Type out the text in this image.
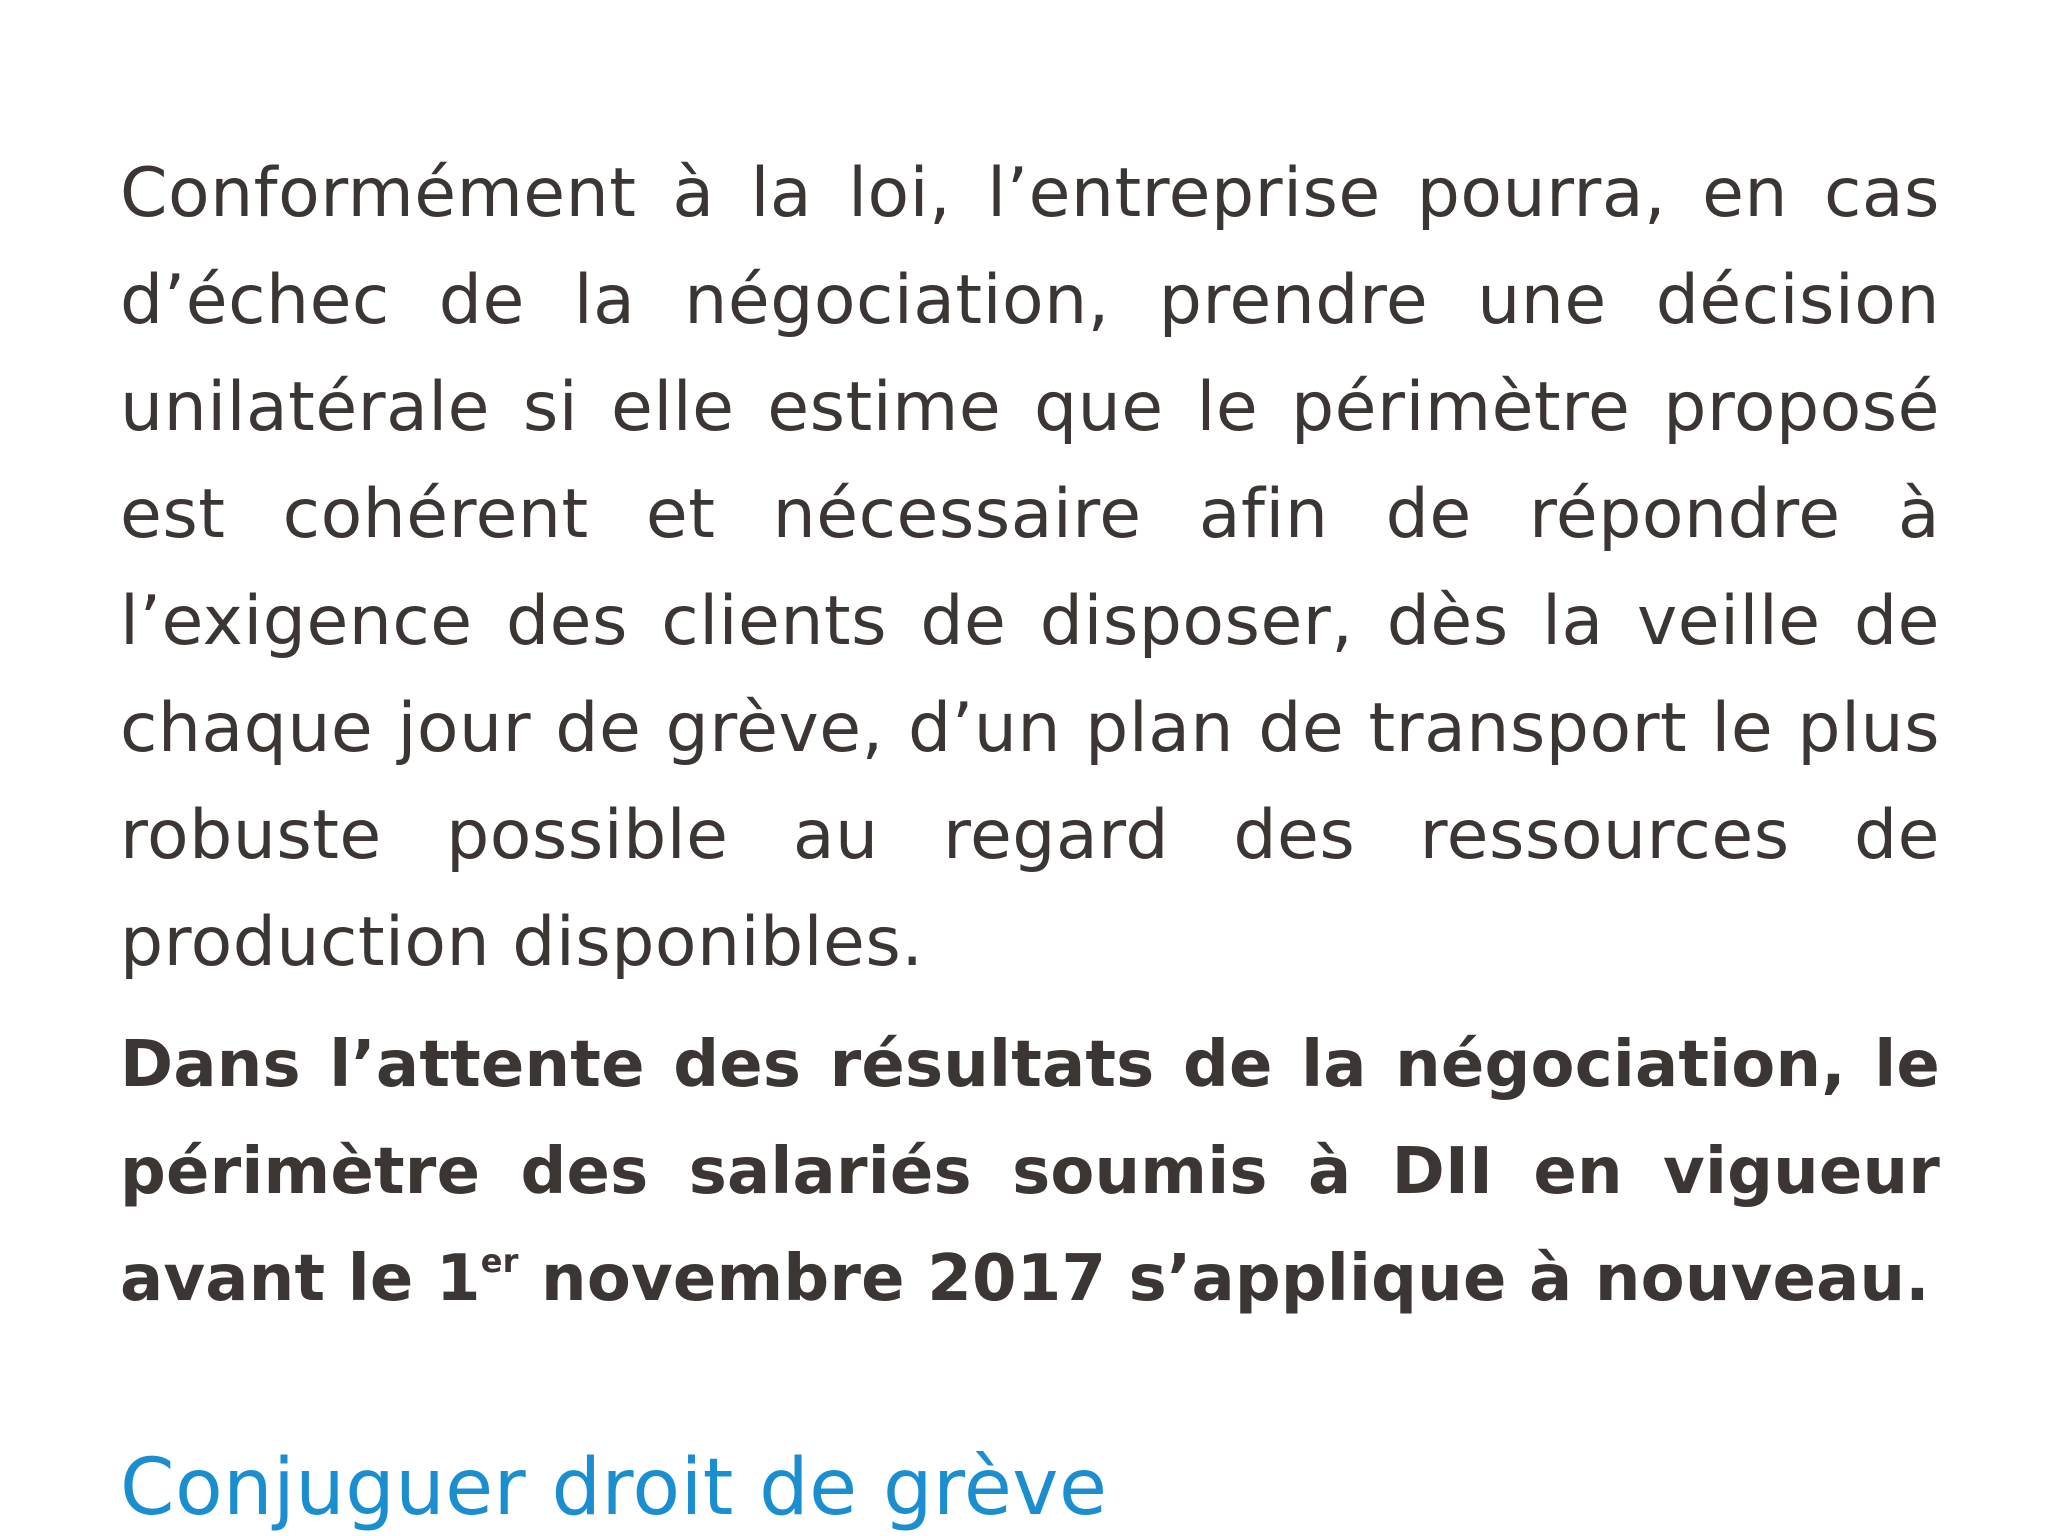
Conformément à la loi, l’entreprise pourra, en cas d’échec de la négociation, prendre une décision unilatérale si elle estime que le périmètre proposé est cohérent et nécessaire afin de répondre à l’exigence des clients de disposer, dès la veille de chaque jour de grève, d’un plan de transport le plus robuste possible au regard des ressources de production disponibles.

Dans l’attente des résultats de la négociation, le périmètre des salariés soumis à DII en vigueur avant le 1er novembre 2017 s’applique à nouveau.

Conjuguer droit de grève
